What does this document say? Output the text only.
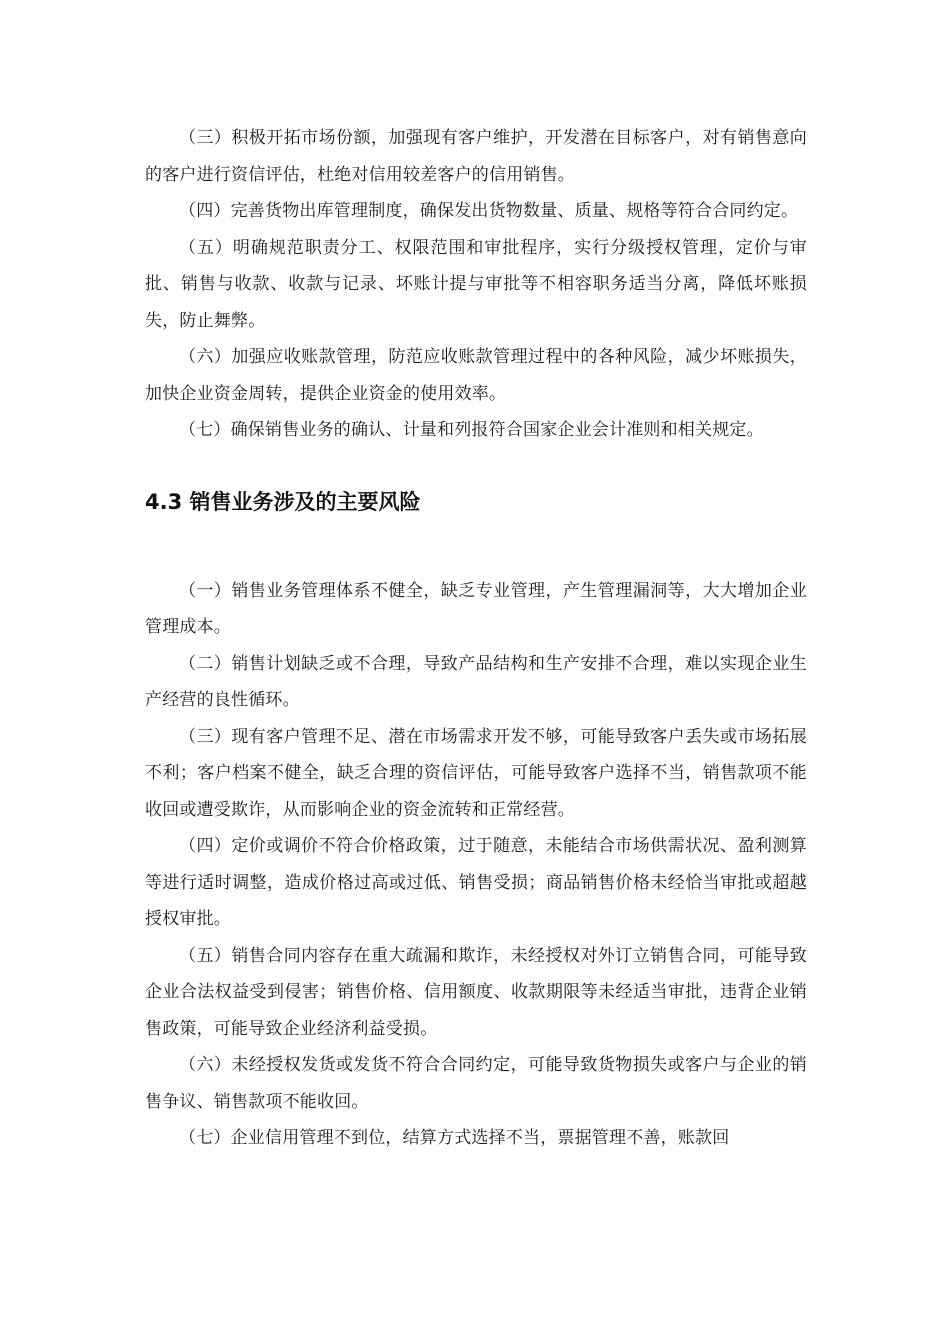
（三）积极开拓市场份额，加强现有客户维护，开发潜在目标客户，对有销售意向的客户进行资信评估，杜绝对信用较差客户的信用销售。

（四）完善货物出库管理制度，确保发出货物数量、质量、规格等符合合同约定。

（五）明确规范职责分工、权限范围和审批程序，实行分级授权管理，定价与审批、销售与收款、收款与记录、坏账计提与审批等不相容职务适当分离，降低坏账损失，防止舞弊。

（六）加强应收账款管理，防范应收账款管理过程中的各种风险，减少坏账损失，加快企业资金周转，提供企业资金的使用效率。

（七）确保销售业务的确认、计量和列报符合国家企业会计准则和相关规定。

4.3 销售业务涉及的主要风险

（一）销售业务管理体系不健全，缺乏专业管理，产生管理漏洞等，大大增加企业管理成本。

（二）销售计划缺乏或不合理，导致产品结构和生产安排不合理，难以实现企业生产经营的良性循环。

（三）现有客户管理不足、潜在市场需求开发不够，可能导致客户丢失或市场拓展不利；客户档案不健全，缺乏合理的资信评估，可能导致客户选择不当，销售款项不能收回或遭受欺诈，从而影响企业的资金流转和正常经营。

（四）定价或调价不符合价格政策，过于随意，未能结合市场供需状况、盈利测算等进行适时调整，造成价格过高或过低、销售受损；商品销售价格未经恰当审批或超越授权审批。

（五）销售合同内容存在重大疏漏和欺诈，未经授权对外订立销售合同，可能导致企业合法权益受到侵害；销售价格、信用额度、收款期限等未经适当审批，违背企业销售政策，可能导致企业经济利益受损。

（六）未经授权发货或发货不符合合同约定，可能导致货物损失或客户与企业的销售争议、销售款项不能收回。

（七）企业信用管理不到位，结算方式选择不当，票据管理不善，账款回
